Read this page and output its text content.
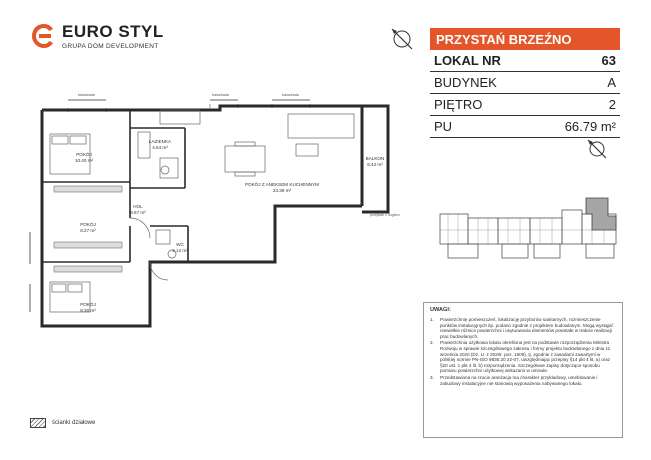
EURO STYL
GRUPA DOM DEVELOPMENT	PRZYSTAŃ BRZEŹNO
LOKAL NR	63
BUDYNEK	A
PIĘTRO	2
PU	66.79 m²
POKÓJ
10.40 m²
ŁAZIENKA
4.64 m²
POKÓJ Z ANEKSEM KUCHENNYM
23.39 m²
BALKON
6.42 m²
HOL
9.67 m²
POKÓJ
8.27 m²
WC
2.12 m²
POKÓJ
8.30 m²
balustrada	balustrada	balustrada
przejście z Ilogiem
UWAGI:
1.	Powierzchnię pomieszczeń, lokalizację przyborów sanitarnych, rozmieszczenie punktów instalacyjnych itp. podano zgodnie z projektem budowlanym. Mogą wystąpić niewielkie różnice powierzchni i usytuowania elementów powstałe w trakcie realizacji prac budowlanych.
2.	Powierzchnia użytkowa lokalu określona jest na podstawie rozporządzenia Ministra Rozwoju w sprawie szczegółowego zakresu i formy projektu budowlanego z dnia 11 września 2020 (Dz. U. z 2020r. poz. 1609), tj. zgodnie z zasadami zawartymi w polskiej normie PN-ISO 9836:20 22-07, uwzględniając przepisy §14 pkt 4 lit. a) oraz §20 ust. 1 pkt 4 lit. b) rozporządzenia. Szczegółowe zapisy dotyczące sposobu pomiaru powierzchni użytkowej wskazano w umowie.
3.	Przedstawiona na rzucie aranżacja ma charakter przykładowy, umeblowanie i zabudowy instalacyjne nie stanowią wyposażenia nabywanego lokalu.
ścianki działowe
